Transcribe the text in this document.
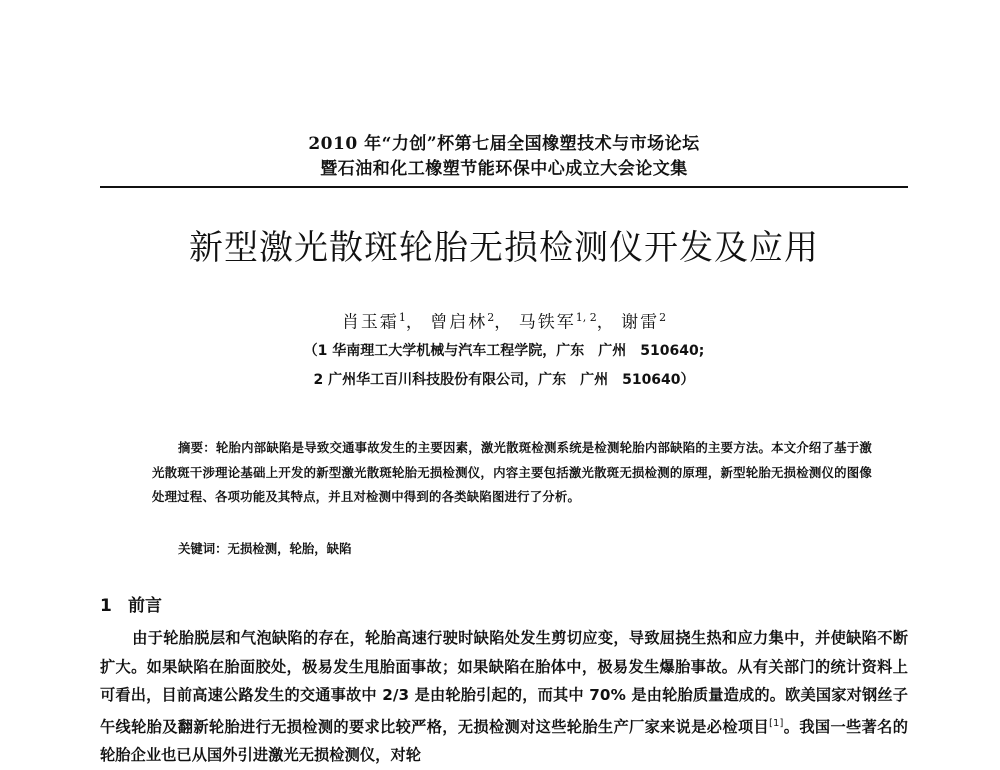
2010 年“力创”杯第七届全国橡塑技术与市场论坛
暨石油和化工橡塑节能环保中心成立大会论文集
新型激光散斑轮胎无损检测仪开发及应用
肖玉霜$^1$， 曾启林$^2$， 马铁军$^{1, 2}$， 谢雷$^2$
（1 华南理工大学机械与汽车工程学院，广东　广州　510640;
2 广州华工百川科技股份有限公司，广东　广州　510640）
摘要：轮胎内部缺陷是导致交通事故发生的主要因素，激光散斑检测系统是检测轮胎内部缺陷的主要方法。本文介绍了基于激光散斑干涉理论基础上开发的新型激光散斑轮胎无损检测仪，内容主要包括激光散斑无损检测的原理，新型轮胎无损检测仪的图像处理过程、各项功能及其特点，并且对检测中得到的各类缺陷图进行了分析。
关键词：无损检测，轮胎，缺陷
1 前言
由于轮胎脱层和气泡缺陷的存在，轮胎高速行驶时缺陷处发生剪切应变，导致屈挠生热和应力集中，并使缺陷不断扩大。如果缺陷在胎面胶处，极易发生甩胎面事故；如果缺陷在胎体中，极易发生爆胎事故。从有关部门的统计资料上可看出，目前高速公路发生的交通事故中 2/3 是由轮胎引起的，而其中 70% 是由轮胎质量造成的。欧美国家对钢丝子午线轮胎及翻新轮胎进行无损检测的要求比较严格，无损检测对这些轮胎生产厂家来说是必检项目[1]。我国一些著名的轮胎企业也已从国外引进激光无损检测仪，对轮
